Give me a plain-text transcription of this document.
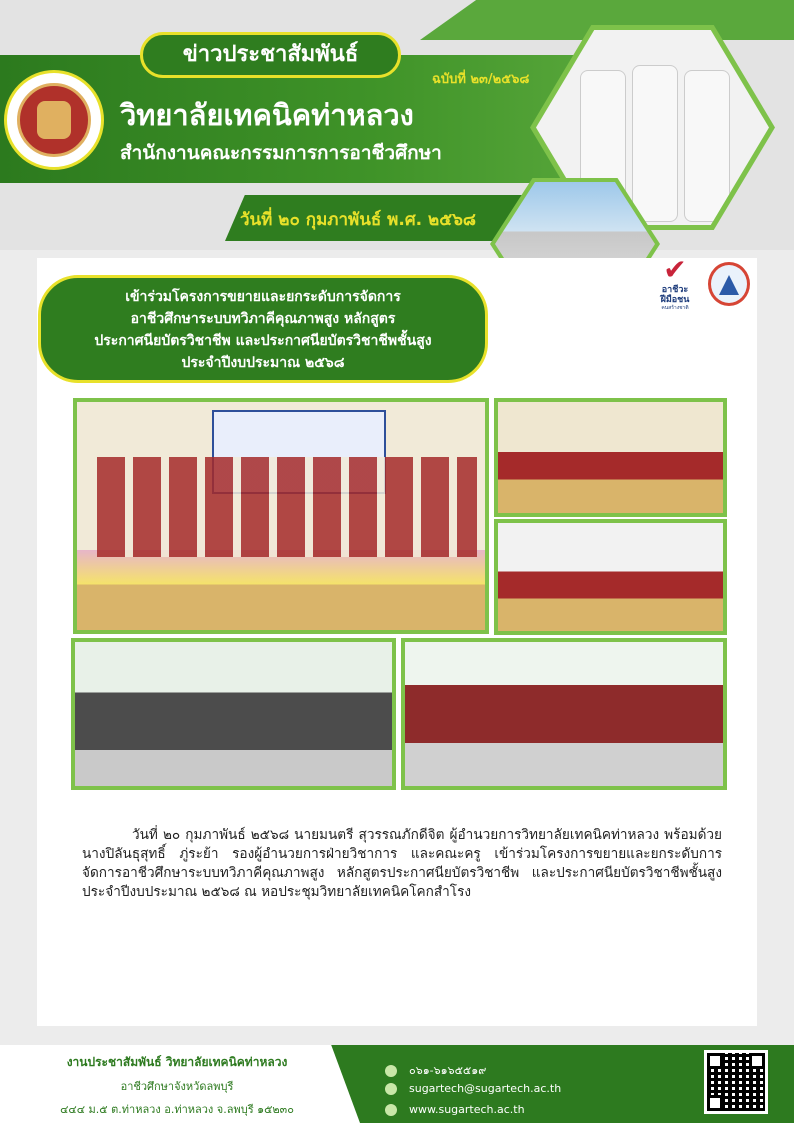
ข่าวประชาสัมพันธ์
ฉบับที่ ๒๓/๒๕๖๘
วิทยาลัยเทคนิคท่าหลวง
สำนักงานคณะกรรมการการอาชีวศึกษา
วันที่ ๒๐ กุมภาพันธ์ พ.ศ. ๒๕๖๘
✔
อาชีวะ
ฝีมือชน
คนสร้างชาติ
เข้าร่วมโครงการขยายและยกระดับการจัดการ
อาชีวศึกษาระบบทวิภาคีคุณภาพสูง หลักสูตร
ประกาศนียบัตรวิชาชีพ และประกาศนียบัตรวิชาชีพชั้นสูง
ประจำปีงบประมาณ ๒๕๖๘

วันที่ ๒๐ กุมภาพันธ์ ๒๕๖๘ นายมนตรี สุวรรณภักดีจิต ผู้อำนวยการวิทยาลัยเทคนิคท่าหลวง พร้อมด้วย นางปิลันธุสุทธิ์ ภู่ระย้า รองผู้อำนวยการฝ่ายวิชาการ และคณะครู เข้าร่วมโครงการขยายและยกระดับการจัดการอาชีวศึกษาระบบทวิภาคีคุณภาพสูง หลักสูตรประกาศนียบัตรวิชาชีพ และประกาศนียบัตรวิชาชีพชั้นสูง ประจำปีงบประมาณ ๒๕๖๘ ณ หอประชุมวิทยาลัยเทคนิคโคกสำโรง

งานประชาสัมพันธ์ วิทยาลัยเทคนิคท่าหลวง
อาชีวศึกษาจังหวัดลพบุรี
๔๔๔ ม.๕ ต.ท่าหลวง อ.ท่าหลวง จ.ลพบุรี ๑๕๒๓๐
๐๖๑-๖๑๖๕๕๑๙
sugartech@sugartech.ac.th
www.sugartech.ac.th
